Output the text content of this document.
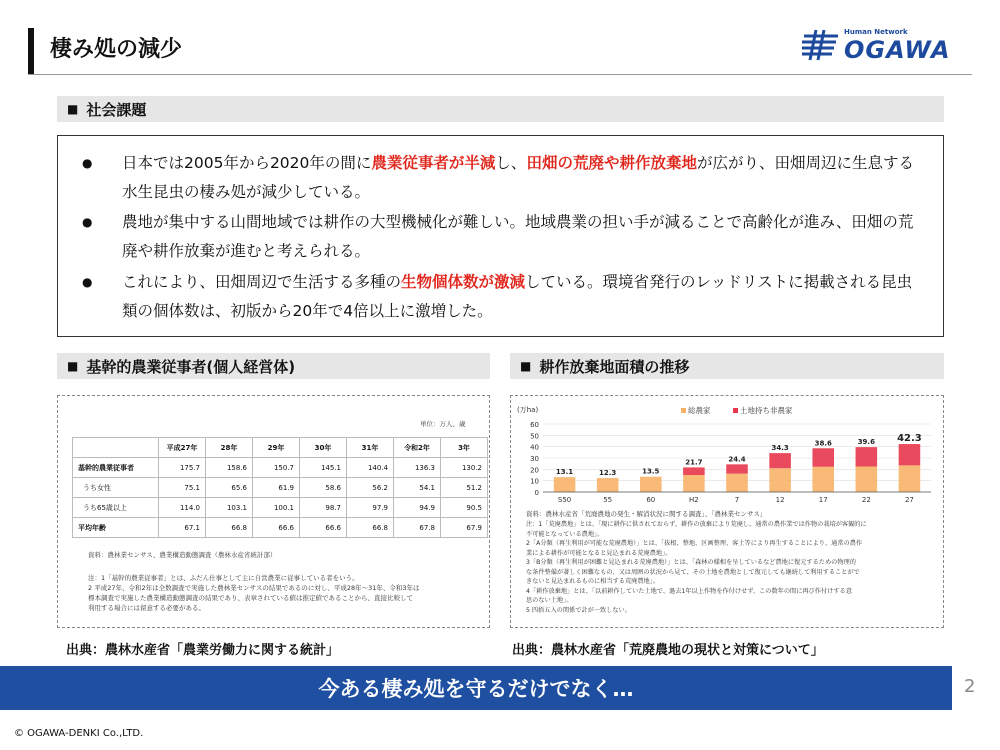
棲み処の減少
Human Network
OGAWA
■ 社会課題
● 日本では2005年から2020年の間に農業従事者が半減し、田畑の荒廃や耕作放棄地が広がり、田畑周辺に生息する水生昆虫の棲み処が減少している。
● 農地が集中する山間地域では耕作の大型機械化が難しい。地域農業の担い手が減ることで高齢化が進み、田畑の荒廃や耕作放棄が進むと考えられる。
● これにより、田畑周辺で生活する多種の生物個体数が激減している。環境省発行のレッドリストに掲載される昆虫類の個体数は、初版から20年で4倍以上に激増した。
■ 基幹的農業従事者(個人経営体)
単位：万人、歳
	平成27年	28年	29年	30年	31年	令和2年	3年
基幹的農業従事者	175.7	158.6	150.7	145.1	140.4	136.3	130.2
うち女性	75.1	65.6	61.9	58.6	56.2	54.1	51.2
うち65歳以上	114.0	103.1	100.1	98.7	97.9	94.9	90.5
平均年齢	67.1	66.8	66.6	66.6	66.8	67.8	67.9
資料：農林業センサス、農業構造動態調査（農林水産省統計部）
注：1「基幹的農業従事者」とは、ふだん仕事として主に自営農業に従事している者をいう。
2 平成27年、令和2年は全数調査で実施した農林業センサスの結果であるのに対し、平成28年～31年、令和3年は
標本調査で実施した農業構造動態調査の結果であり、表章されている値は推定値であることから、直接比較して
利用する場合には留意する必要がある。
出典：農林水産省「農業労働力に関する統計」
■ 耕作放棄地面積の推移
(万ha)
0
10
20
30
40
50
60
総農家	土地持ち非農家
13.1
S50
12.3
55
13.5
60
21.7
H2
24.4
7
34.3
12
38.6
17
39.6
22
42.3
27
資料：農林水産省「荒廃農地の発生・解消状況に関する調査」、「農林業センサス」
注：1「荒廃農地」とは、「現に耕作に供されておらず、耕作の放棄により荒廃し、通常の農作業では作物の栽培が客観的に
不可能となっている農地」。
2「A分類（再生利用が可能な荒廃農地）」とは、「抜根、整地、区画整理、客土等により再生することにより、通常の農作
業による耕作が可能となると見込まれる荒廃農地」。
3「B分類（再生利用が困難と見込まれる荒廃農地）」とは、「森林の様相を呈しているなど農地に復元するための物理的
な条件整備が著しく困難なもの、又は周囲の状況から見て、その土地を農地として復元しても継続して利用することがで
きないと見込まれるものに相当する荒廃農地」。
4「耕作放棄地」とは、「以前耕作していた土地で、過去1年以上作物を作付けせず、この数年の間に再び作付けする意
思のない土地」。
5 四捨五入の関係で計が一致しない。
出典：農林水産省「荒廃農地の現状と対策について」
今ある棲み処を守るだけでなく…	2
© OGAWA-DENKI Co.,LTD.
